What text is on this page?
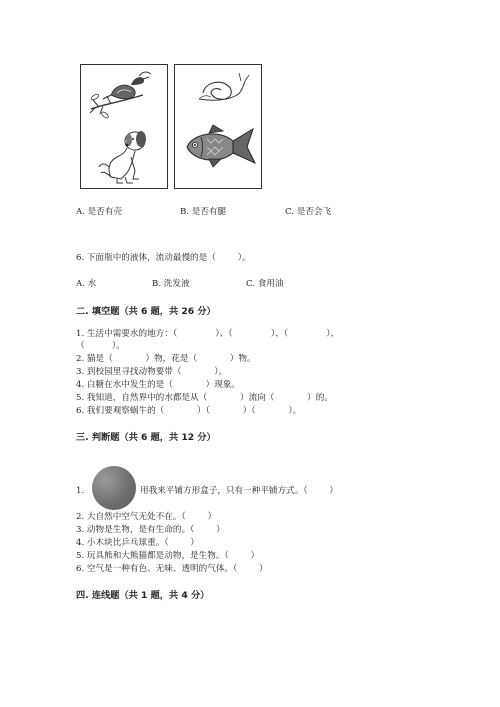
A. 是否有壳	B. 是否有腿	C. 是否会飞
6. 下面瓶中的液体，流动最慢的是（        ）。
A. 水	B. 洗发液	C. 食用油
二. 填空题（共 6 题，共 26 分）
1. 生活中需要水的地方：（              ）、（              ）、（              ）、
（          ）。
2. 猫是（            ）物，花是（            ）物。
3. 到校园里寻找动物要带（            ）。
4. 白糖在水中发生的是（            ）现象。
5. 我知道，自然界中的水都是从（            ）流向（            ）的。
6. 我们要观察蜗牛的（            ）（            ）（            ）。
三. 判断题（共 6 题，共 12 分）
1.	用我来平铺方形盒子，只有一种平铺方式。（        ）
2. 大自然中空气无处不在。（        ）
3. 动物是生物，是有生命的。（        ）
4. 小木块比乒乓球重。（        ）
5. 玩具熊和大熊猫都是动物，是生物。（        ）
6. 空气是一种有色、无味、透明的气体。（        ）
四. 连线题（共 1 题，共 4 分）
